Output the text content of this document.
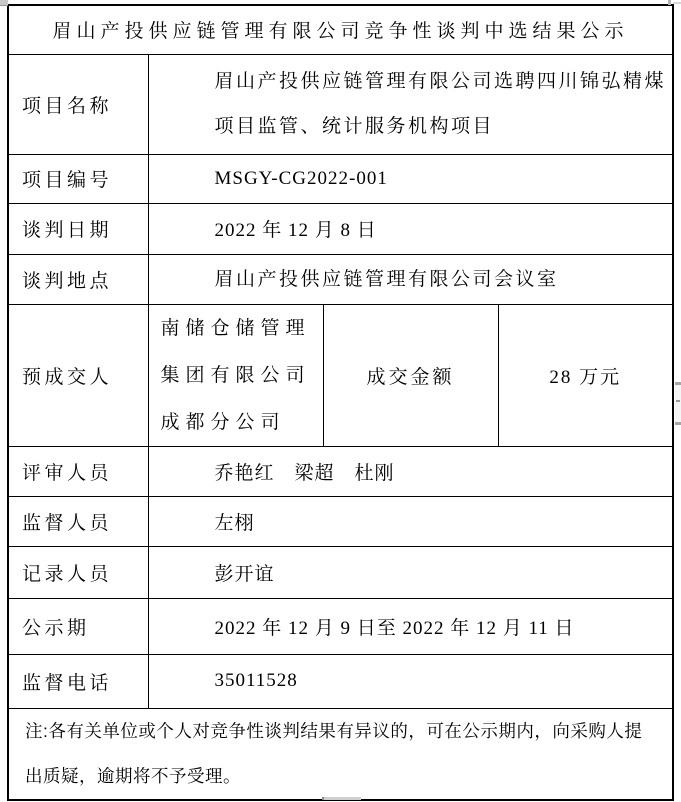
眉山产投供应链管理有限公司竞争性谈判中选结果公示			
项目名称	眉山产投供应链管理有限公司选聘四川锦弘精煤项目监管、统计服务机构项目		
项目编号	MSGY-CG2022-001		
谈判日期	2022 年 12 月 8 日		
谈判地点	眉山产投供应链管理有限公司会议室		
预成交人	南储仓储管理集团有限公司成都分公司	成交金额	28 万元
评审人员	乔艳红　梁超　杜刚		
监督人员	左栩		
记录人员	彭开谊		
公示期	2022 年 12 月 9 日至 2022 年 12 月 11 日		
监督电话	35011528		
注:各有关单位或个人对竞争性谈判结果有异议的，可在公示期内，向采购人提出质疑，逾期将不予受理。			
